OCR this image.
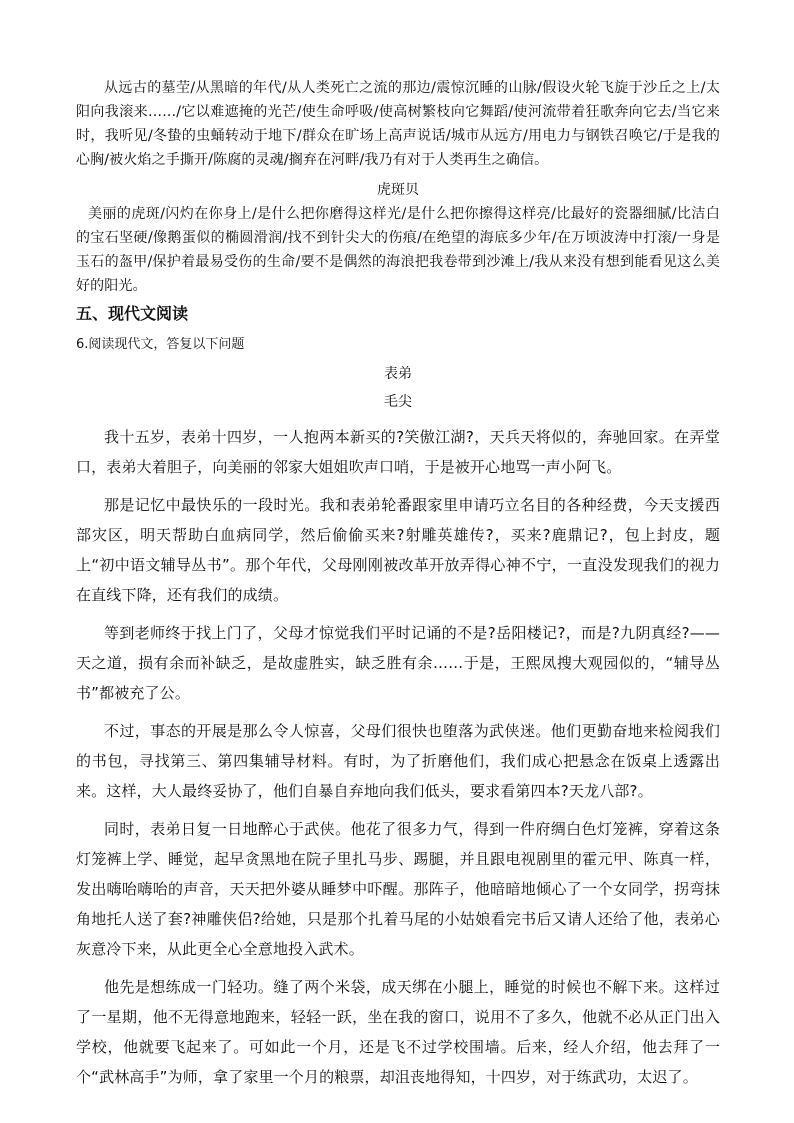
从远古的墓茔/从黑暗的年代/从人类死亡之流的那边/震惊沉睡的山脉/假设火轮飞旋于沙丘之上/太阳向我滚来……/它以难遮掩的光芒/使生命呼吸/使高树繁枝向它舞蹈/使河流带着狂歌奔向它去/当它来时，我听见/冬蛰的虫蛹转动于地下/群众在旷场上高声说话/城市从远方/用电力与钢铁召唤它/于是我的心胸/被火焰之手撕开/陈腐的灵魂/搁弃在河畔/我乃有对于人类再生之确信。

虎斑贝

美丽的虎斑/闪灼在你身上/是什么把你磨得这样光/是什么把你擦得这样亮/比最好的瓷器细腻/比洁白的宝石坚硬/像鹅蛋似的椭圆滑润/找不到针尖大的伤痕/在绝望的海底多少年/在万顷波涛中打滚/一身是玉石的盔甲/保护着最易受伤的生命/要不是偶然的海浪把我卷带到沙滩上/我从来没有想到能看见这么美好的阳光。

五、现代文阅读

6.阅读现代文，答复以下问题

表弟

毛尖

我十五岁，表弟十四岁，一人抱两本新买的?笑傲江湖?，天兵天将似的，奔驰回家。在弄堂口，表弟大着胆子，向美丽的邻家大姐姐吹声口哨，于是被开心地骂一声小阿飞。

那是记忆中最快乐的一段时光。我和表弟轮番跟家里申请巧立名目的各种经费，今天支援西部灾区，明天帮助白血病同学，然后偷偷买来?射雕英雄传?，买来?鹿鼎记?，包上封皮，题上“初中语文辅导丛书”。那个年代，父母刚刚被改革开放弄得心神不宁，一直没发现我们的视力在直线下降，还有我们的成绩。

等到老师终于找上门了，父母才惊觉我们平时记诵的不是?岳阳楼记?，而是?九阴真经?——天之道，损有余而补缺乏，是故虚胜实，缺乏胜有余……于是，王熙凤搜大观园似的，“辅导丛书”都被充了公。

不过，事态的开展是那么令人惊喜，父母们很快也堕落为武侠迷。他们更勤奋地来检阅我们的书包，寻找第三、第四集辅导材料。有时，为了折磨他们，我们成心把悬念在饭桌上透露出来。这样，大人最终妥协了，他们自暴自弃地向我们低头，要求看第四本?天龙八部?。

同时，表弟日复一日地醉心于武侠。他花了很多力气，得到一件府绸白色灯笼裤，穿着这条灯笼裤上学、睡觉，起早贪黑地在院子里扎马步、踢腿，并且跟电视剧里的霍元甲、陈真一样，发出嗨咍嗨咍的声音，天天把外婆从睡梦中吓醒。那阵子，他暗暗地倾心了一个女同学，拐弯抹角地托人送了套?神雕侠侣?给她，只是那个扎着马尾的小姑娘看完书后又请人还给了他，表弟心灰意冷下来，从此更全心全意地投入武术。

他先是想练成一门轻功。缝了两个米袋，成天绑在小腿上，睡觉的时候也不解下来。这样过了一星期，他不无得意地跑来，轻轻一跃，坐在我的窗口，说用不了多久，他就不必从正门出入学校，他就要飞起来了。可如此一个月，还是飞不过学校围墙。后来，经人介绍，他去拜了一个“武林高手”为师，拿了家里一个月的粮票，却沮丧地得知，十四岁，对于练武功，太迟了。
